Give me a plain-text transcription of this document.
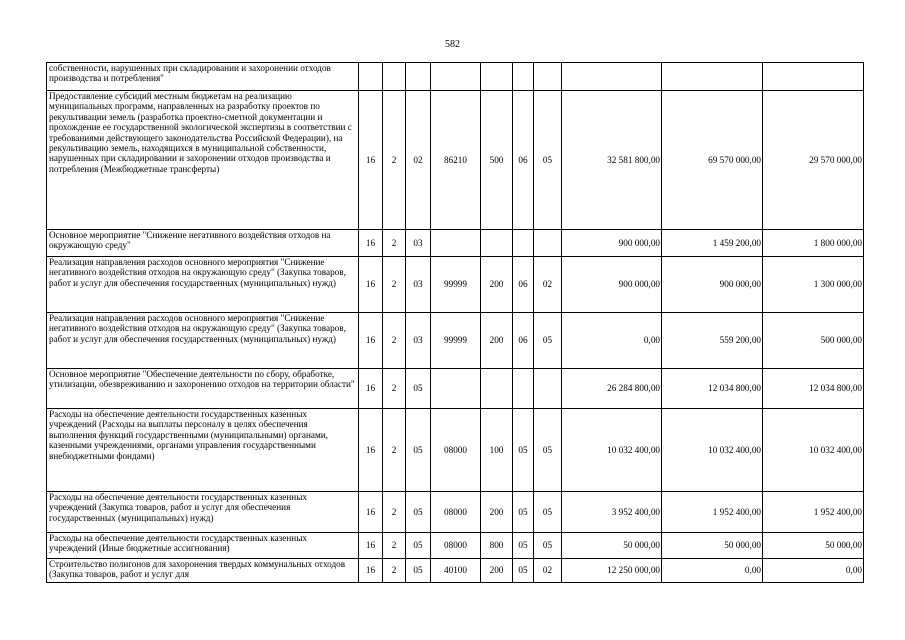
582
собственности, нарушенных при складировании и захоронении отходов производства и потребления"										
Предоставление субсидий местным бюджетам на реализацию муниципальных программ, направленных на разработку проектов по рекультивации земель (разработка проектно-сметной документации и прохождение ее государственной экологической экспертизы в соответствии с требованиями действующего законодательства Российской Федерации), на рекультивацию земель, находящихся в муниципальной собственности, нарушенных при складировании и захоронении отходов производства и потребления (Межбюджетные трансферты)	16	2	02	86210	500	06	05	32 581 800,00	69 570 000,00	29 570 000,00
Основное мероприятие "Снижение негативного воздействия отходов на окружающую среду"	16	2	03					900 000,00	1 459 200,00	1 800 000,00
Реализация направления расходов основного мероприятия "Снижение негативного воздействия отходов на окружающую среду" (Закупка товаров, работ и услуг для обеспечения государственных (муниципальных) нужд)	16	2	03	99999	200	06	02	900 000,00	900 000,00	1 300 000,00
Реализация направления расходов основного мероприятия "Снижение негативного воздействия отходов на окружающую среду" (Закупка товаров, работ и услуг для обеспечения государственных (муниципальных) нужд)	16	2	03	99999	200	06	05	0,00	559 200,00	500 000,00
Основное мероприятие "Обеспечение деятельности по сбору, обработке, утилизации, обезвреживанию и захоронению отходов на территории области"	16	2	05					26 284 800,00	12 034 800,00	12 034 800,00
Расходы на обеспечение деятельности государственных казенных учреждений (Расходы на выплаты персоналу в целях обеспечения выполнения функций государственными (муниципальными) органами, казенными учреждениями, органами управления государственными внебюджетными фондами)	16	2	05	08000	100	05	05	10 032 400,00	10 032 400,00	10 032 400,00
Расходы на обеспечение деятельности государственных казенных учреждений (Закупка товаров, работ и услуг для обеспечения государственных (муниципальных) нужд)	16	2	05	08000	200	05	05	3 952 400,00	1 952 400,00	1 952 400,00
Расходы на обеспечение деятельности государственных казенных учреждений (Иные бюджетные ассигнования)	16	2	05	08000	800	05	05	50 000,00	50 000,00	50 000,00
Строительство полигонов для захоронения твердых коммунальных отходов (Закупка товаров, работ и услуг для	16	2	05	40100	200	05	02	12 250 000,00	0,00	0,00
